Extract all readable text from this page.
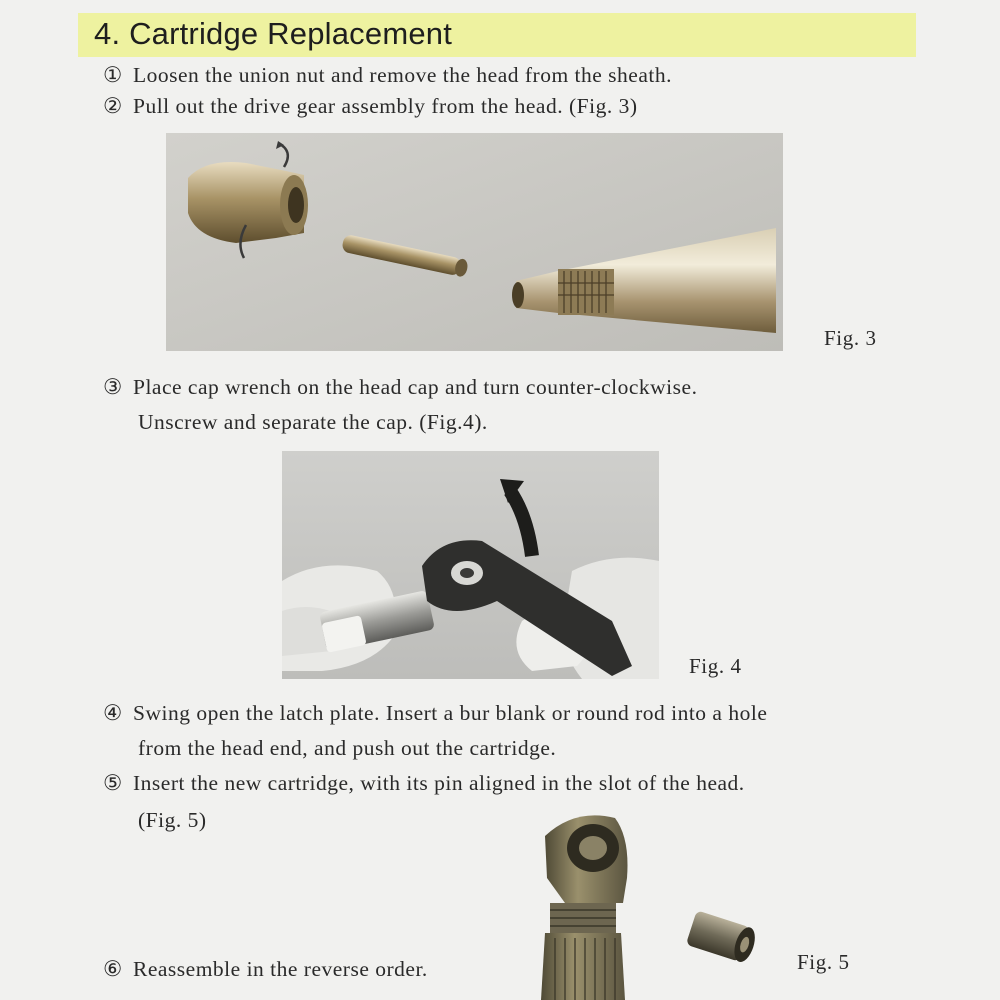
4. Cartridge Replacement
① Loosen the union nut and remove the head from the sheath.
② Pull out the drive gear assembly from the head. (Fig. 3)
Fig. 3
③ Place cap wrench on the head cap and turn counter-clockwise.
Unscrew and separate the cap. (Fig.4).
Fig. 4
④ Swing open the latch plate. Insert a bur blank or round rod into a hole
from the head end, and push out the cartridge.
⑤ Insert the new cartridge, with its pin aligned in the slot of the head.
(Fig. 5)
Fig. 5
⑥ Reassemble in the reverse order.
